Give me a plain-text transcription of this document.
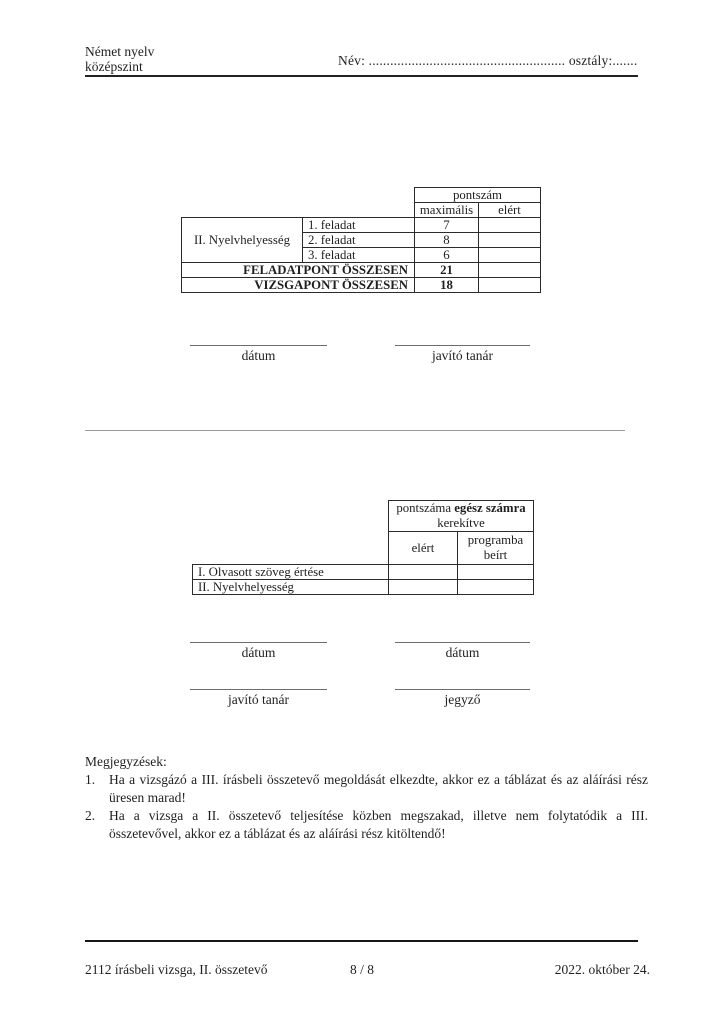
Német nyelv
középszint	Név: ....................................................... osztály:.......
		pontszám	
		maximális	elért
II. Nyelvhelyesség	1. feladat	7	
	2. feladat	8	
	3. feladat	6	
FELADATPONT ÖSSZESEN		21	
VIZSGAPONT ÖSSZESEN		18	
dátum	javító tanár
	pontszáma egész számra kerekítve	
	elért	programba beírt
I. Olvasott szöveg értése		
II. Nyelvhelyesség		
dátum	dátum
javító tanár	jegyző
Megjegyzések:
1.	Ha a vizsgázó a III. írásbeli összetevő megoldását elkezdte, akkor ez a táblázat és az aláírási rész üresen marad!
2.	Ha a vizsga a II. összetevő teljesítése közben megszakad, illetve nem folytatódik a III. összetevővel, akkor ez a táblázat és az aláírási rész kitöltendő!
2112 írásbeli vizsga, II. összetevő	8 / 8	2022. október 24.
